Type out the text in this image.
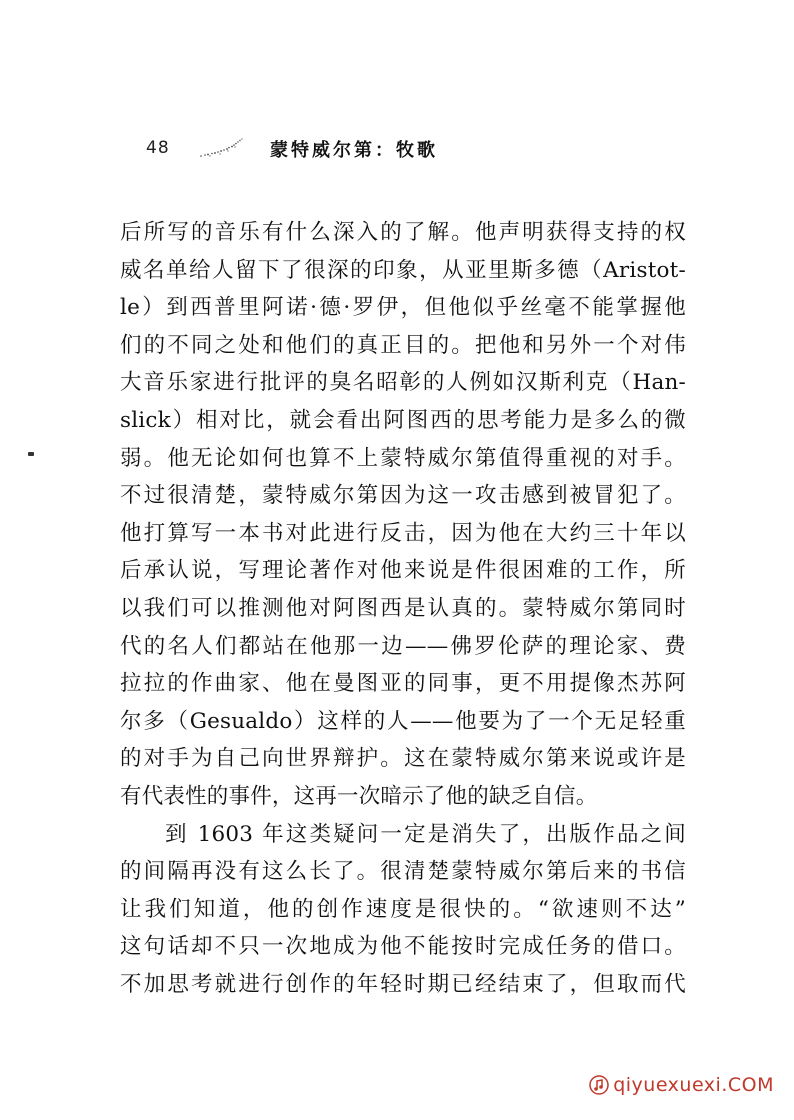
48	蒙特威尔第：牧歌
后所写的音乐有什么深入的了解。他声明获得支持的权
威名单给人留下了很深的印象，从亚里斯多德（Aristot-
le）到西普里阿诺·德·罗伊，但他似乎丝毫不能掌握他
们的不同之处和他们的真正目的。把他和另外一个对伟
大音乐家进行批评的臭名昭彰的人例如汉斯利克（Han-
slick）相对比，就会看出阿图西的思考能力是多么的微
弱。他无论如何也算不上蒙特威尔第值得重视的对手。
不过很清楚，蒙特威尔第因为这一攻击感到被冒犯了。
他打算写一本书对此进行反击，因为他在大约三十年以
后承认说，写理论著作对他来说是件很困难的工作，所
以我们可以推测他对阿图西是认真的。蒙特威尔第同时
代的名人们都站在他那一边——佛罗伦萨的理论家、费
拉拉的作曲家、他在曼图亚的同事，更不用提像杰苏阿
尔多（Gesualdo）这样的人——他要为了一个无足轻重
的对手为自己向世界辩护。这在蒙特威尔第来说或许是
有代表性的事件，这再一次暗示了他的缺乏自信。
到 1603 年这类疑问一定是消失了，出版作品之间
的间隔再没有这么长了。很清楚蒙特威尔第后来的书信
让我们知道，他的创作速度是很快的。“欲速则不达”
这句话却不只一次地成为他不能按时完成任务的借口。
不加思考就进行创作的年轻时期已经结束了，但取而代
qiyuexuexi.COM
